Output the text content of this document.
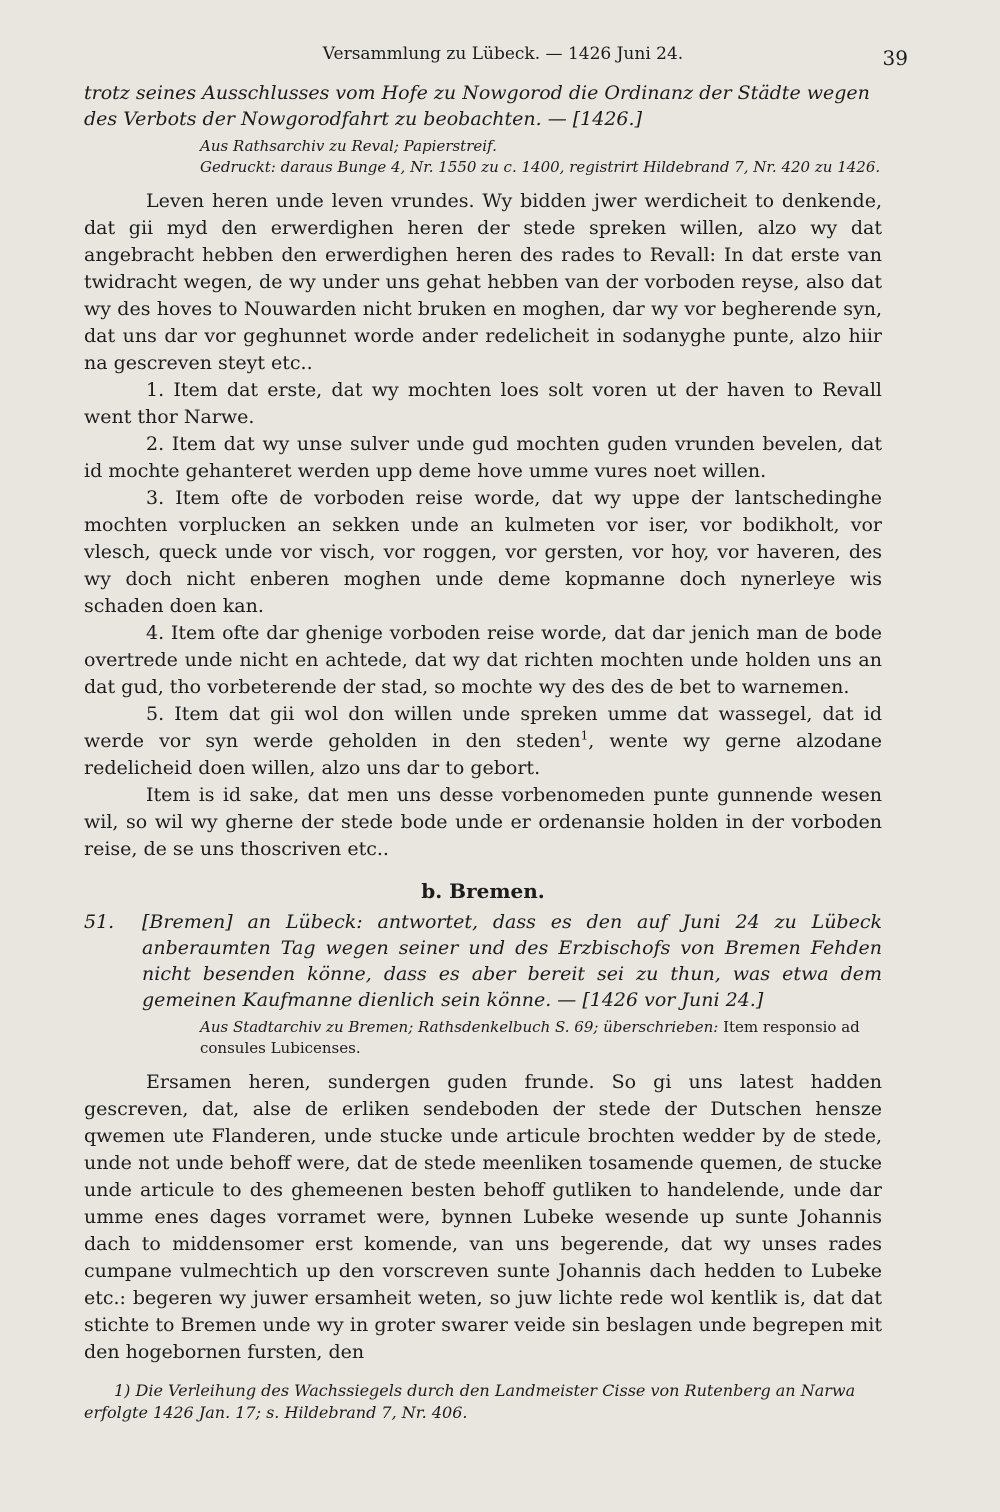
Versammlung zu Lübeck. — 1426 Juni 24.	39

trotz seines Ausschlusses vom Hofe zu Nowgorod die Ordinanz der Städte wegen des Verbots der Nowgorodfahrt zu beobachten. — [1426.]

Aus Rathsarchiv zu Reval; Papierstreif.
Gedruckt: daraus Bunge 4, Nr. 1550 zu c. 1400, registrirt Hildebrand 7, Nr. 420 zu 1426.

Leven heren unde leven vrundes. Wy bidden jwer werdicheit to denkende, dat gii myd den erwerdighen heren der stede spreken willen, alzo wy dat angebracht hebben den erwerdighen heren des rades to Revall: In dat erste van twidracht wegen, de wy under uns gehat hebben van der vorboden reyse, also dat wy des hoves to Nouwarden nicht bruken en moghen, dar wy vor begherende syn, dat uns dar vor geghunnet worde ander redelicheit in sodanyghe punte, alzo hiir na gescreven steyt etc..

1. Item dat erste, dat wy mochten loes solt voren ut der haven to Revall went thor Narwe.

2. Item dat wy unse sulver unde gud mochten guden vrunden bevelen, dat id mochte gehanteret werden upp deme hove umme vures noet willen.

3. Item ofte de vorboden reise worde, dat wy uppe der lantschedinghe mochten vorplucken an sekken unde an kulmeten vor iser, vor bodikholt, vor vlesch, queck unde vor visch, vor roggen, vor gersten, vor hoy, vor haveren, des wy doch nicht enberen moghen unde deme kopmanne doch nynerleye wis schaden doen kan.

4. Item ofte dar ghenige vorboden reise worde, dat dar jenich man de bode overtrede unde nicht en achtede, dat wy dat richten mochten unde holden uns an dat gud, tho vorbeterende der stad, so mochte wy des des de bet to warnemen.

5. Item dat gii wol don willen unde spreken umme dat wassegel, dat id werde vor syn werde geholden in den steden$^1$, wente wy gerne alzodane redelicheid doen willen, alzo uns dar to gebort.

Item is id sake, dat men uns desse vorbenomeden punte gunnende wesen wil, so wil wy gherne der stede bode unde er ordenansie holden in der vorboden reise, de se uns thoscriven etc..

b. Bremen.
51.	[Bremen] an Lübeck: antwortet, dass es den auf Juni 24 zu Lübeck anberaumten Tag wegen seiner und des Erzbischofs von Bremen Fehden nicht besenden könne, dass es aber bereit sei zu thun, was etwa dem gemeinen Kaufmanne dienlich sein könne. — [1426 vor Juni 24.]
Aus Stadtarchiv zu Bremen; Rathsdenkelbuch S. 69; überschrieben: Item responsio ad consules Lubicenses.

Ersamen heren, sundergen guden frunde. So gi uns latest hadden gescreven, dat, alse de erliken sendeboden der stede der Dutschen hensze qwemen ute Flanderen, unde stucke unde articule brochten wedder by de stede, unde not unde behoff were, dat de stede meenliken tosamende quemen, de stucke unde articule to des ghemeenen besten behoff gutliken to handelende, unde dar umme enes dages vorramet were, bynnen Lubeke wesende up sunte Johannis dach to middensomer erst komende, van uns begerende, dat wy unses rades cumpane vulmechtich up den vorscreven sunte Johannis dach hedden to Lubeke etc.: begeren wy juwer ersamheit weten, so juw lichte rede wol kentlik is, dat dat stichte to Bremen unde wy in groter swarer veide sin beslagen unde begrepen mit den hogebornen fursten, den

1) Die Verleihung des Wachssiegels durch den Landmeister Cisse von Rutenberg an Narwa erfolgte 1426 Jan. 17; s. Hildebrand 7, Nr. 406.
